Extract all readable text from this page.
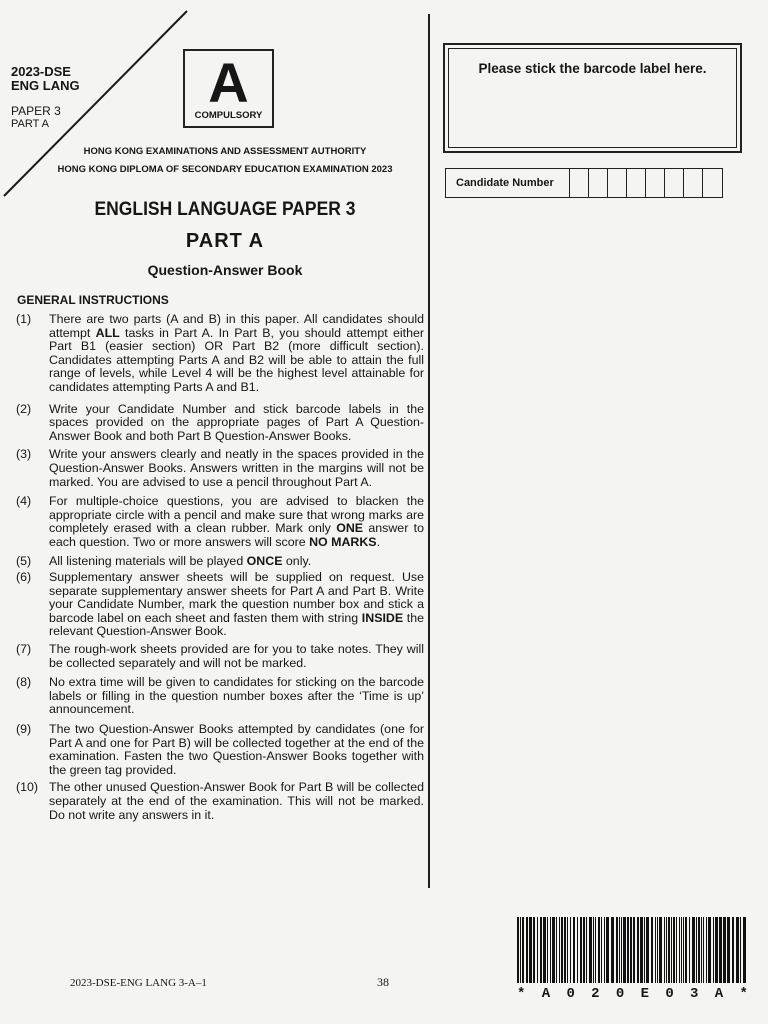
2023-DSE
ENG LANG
PAPER 3
PART A
A
COMPULSORY
HONG KONG EXAMINATIONS AND ASSESSMENT AUTHORITY
HONG KONG DIPLOMA OF SECONDARY EDUCATION EXAMINATION 2023
ENGLISH LANGUAGE PAPER 3
PART A
Question-Answer Book
GENERAL INSTRUCTIONS
(1)	There are two parts (A and B) in this paper. All candidates should attempt ALL tasks in Part A. In Part B, you should attempt either Part B1 (easier section) OR Part B2 (more difficult section). Candidates attempting Parts A and B2 will be able to attain the full range of levels, while Level 4 will be the highest level attainable for candidates attempting Parts A and B1.
(2)	Write your Candidate Number and stick barcode labels in the spaces provided on the appropriate pages of Part A Question-Answer Book and both Part B Question-Answer Books.
(3)	Write your answers clearly and neatly in the spaces provided in the Question-Answer Books. Answers written in the margins will not be marked. You are advised to use a pencil throughout Part A.
(4)	For multiple-choice questions, you are advised to blacken the appropriate circle with a pencil and make sure that wrong marks are completely erased with a clean rubber. Mark only ONE answer to each question. Two or more answers will score NO MARKS.
(5)	All listening materials will be played ONCE only.
(6)	Supplementary answer sheets will be supplied on request. Use separate supplementary answer sheets for Part A and Part B. Write your Candidate Number, mark the question number box and stick a barcode label on each sheet and fasten them with string INSIDE the relevant Question-Answer Book.
(7)	The rough-work sheets provided are for you to take notes. They will be collected separately and will not be marked.
(8)	No extra time will be given to candidates for sticking on the barcode labels or filling in the question number boxes after the ‘Time is up’ announcement.
(9)	The two Question-Answer Books attempted by candidates (one for Part A and one for Part B) will be collected together at the end of the examination. Fasten the two Question-Answer Books together with the green tag provided.
(10) The other unused Question-Answer Book for Part B will be collected separately at the end of the examination. This will not be marked. Do not write any answers in it.
Please stick the barcode label here.
Candidate Number
2023-DSE-ENG LANG 3-A–1	38
* A 0 2 0 E 0 3 A *
